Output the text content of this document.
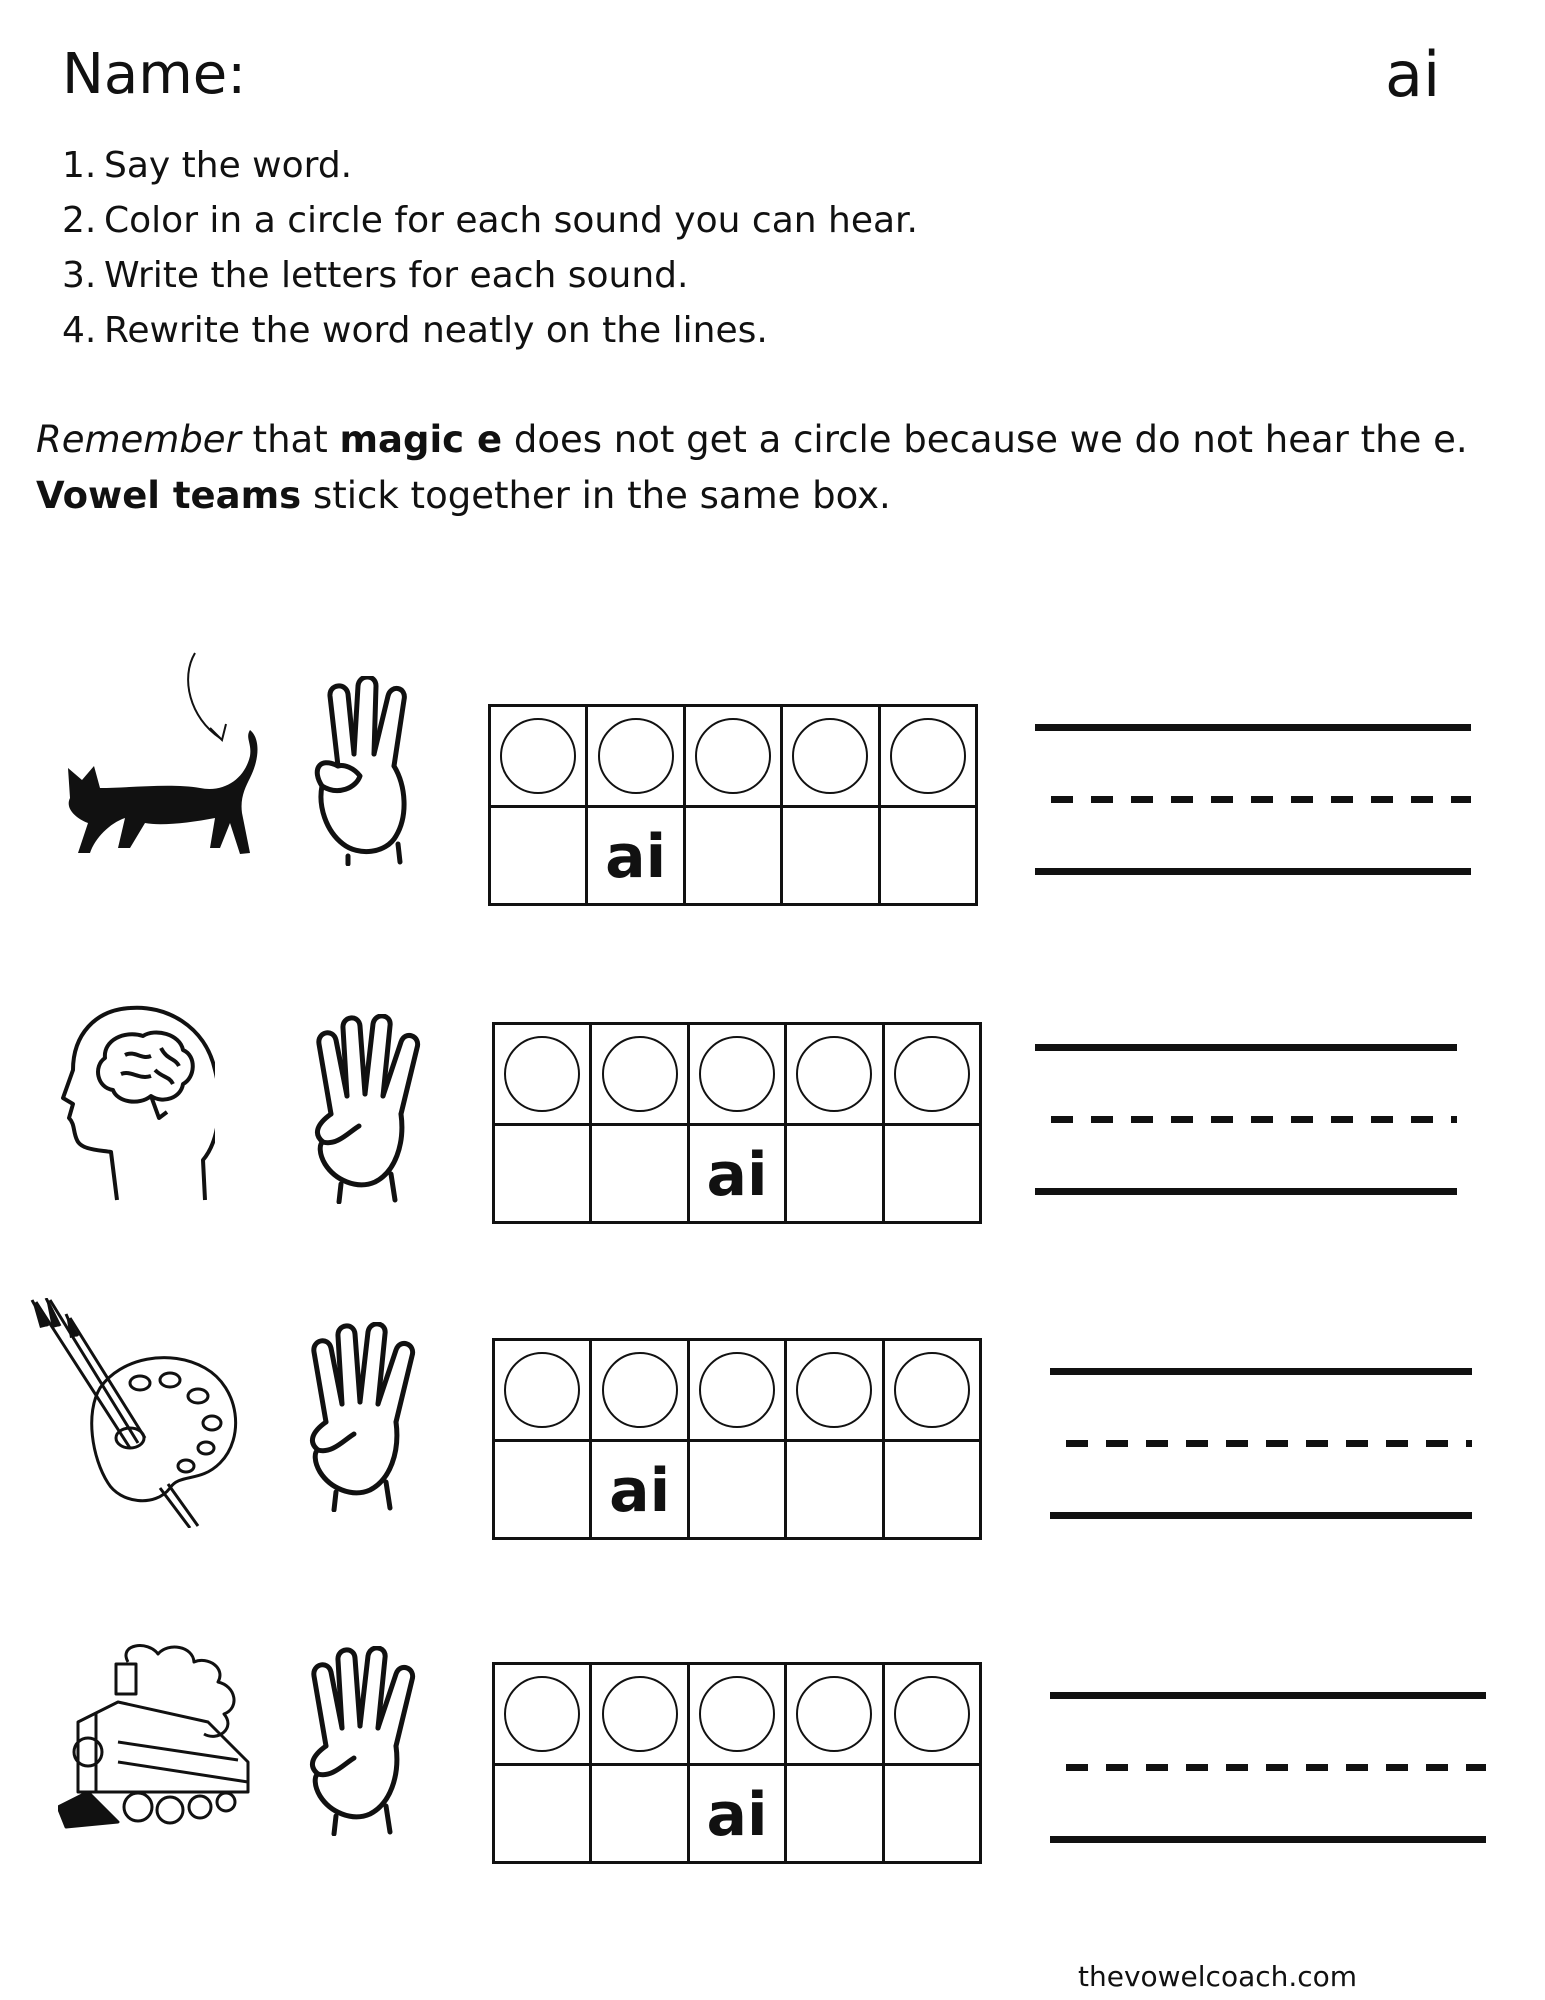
Name:	ai
1. Say the word.
2. Color in a circle for each sound you can hear.
3. Write the letters for each sound.
4. Rewrite the word neatly on the lines.
Remember that magic e does not get a circle because we do not hear the e.
Vowel teams stick together in the same box.
ai
ai
ai
ai
thevowelcoach.com
